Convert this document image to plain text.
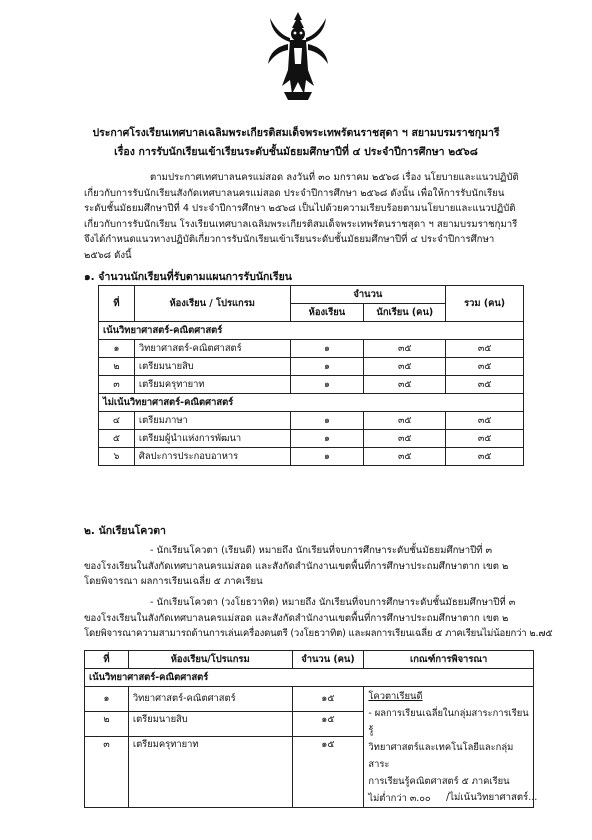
ประกาศโรงเรียนเทศบาลเฉลิมพระเกียรติสมเด็จพระเทพรัตนราชสุดา ฯ สยามบรมราชกุมารี
เรื่อง การรับนักเรียนเข้าเรียนระดับชั้นมัธยมศึกษาปีที่ ๔ ประจำปีการศึกษา ๒๕๖๘
ตามประกาศเทศบาลนครแม่สอด ลงวันที่ ๓๐ มกราคม ๒๕๖๘ เรื่อง นโยบายและแนวปฏิบัติ
เกี่ยวกับการรับนักเรียนสังกัดเทศบาลนครแม่สอด ประจำปีการศึกษา ๒๕๖๘ ดังนั้น เพื่อให้การรับนักเรียน
ระดับชั้นมัธยมศึกษาปีที่ 4 ประจำปีการศึกษา ๒๕๖๘ เป็นไปด้วยความเรียบร้อยตามนโยบายและแนวปฏิบัติ
เกี่ยวกับการรับนักเรียน โรงเรียนเทศบาลเฉลิมพระเกียรติสมเด็จพระเทพรัตนราชสุดา ฯ สยามบรมราชกุมารี
จึงได้กำหนดแนวทางปฏิบัติเกี่ยวการรับนักเรียนเข้าเรียนระดับชั้นมัธยมศึกษาปีที่ ๔ ประจำปีการศึกษา
๒๕๖๘ ดังนี้
๑. จำนวนนักเรียนที่รับตามแผนการรับนักเรียน
ที่	ห้องเรียน / โปรแกรม	จำนวน		รวม (คน)
		ห้องเรียน	นักเรียน (คน)	
เน้นวิทยาศาสตร์-คณิตศาสตร์				
๑	วิทยาศาสตร์-คณิตศาสตร์	๑	๓๕	๓๕
๒	เตรียมนายสิบ	๑	๓๕	๓๕
๓	เตรียมครุทายาท	๑	๓๕	๓๕
ไม่เน้นวิทยาศาสตร์-คณิตศาสตร์				
๔	เตรียมภาษา	๑	๓๕	๓๕
๕	เตรียมผู้นำแห่งการพัฒนา	๑	๓๕	๓๕
๖	ศิลปะการประกอบอาหาร	๑	๓๕	๓๕
๒. นักเรียนโควตา
- นักเรียนโควตา (เรียนดี) หมายถึง นักเรียนที่จบการศึกษาระดับชั้นมัธยมศึกษาปีที่ ๓
ของโรงเรียนในสังกัดเทศบาลนครแม่สอด และสังกัดสำนักงานเขตพื้นที่การศึกษาประถมศึกษาตาก เขต ๒
โดยพิจารณา ผลการเรียนเฉลี่ย ๕ ภาคเรียน
- นักเรียนโควตา (วงโยธวาทิต) หมายถึง นักเรียนที่จบการศึกษาระดับชั้นมัธยมศึกษาปีที่ ๓
ของโรงเรียนในสังกัดเทศบาลนครแม่สอด และสังกัดสำนักงานเขตพื้นที่การศึกษาประถมศึกษาตาก เขต ๒
โดยพิจารณาความสามารถด้านการเล่นเครื่องดนตรี (วงโยธวาทิต) และผลการเรียนเฉลี่ย ๕ ภาคเรียนไม่น้อยกว่า ๒.๗๕
ที่	ห้องเรียน/โปรแกรม	จำนวน (คน)	เกณฑ์การพิจารณา
เน้นวิทยาศาสตร์-คณิตศาสตร์			
๑	วิทยาศาสตร์-คณิตศาสตร์	๑๕	โควตาเรียนดี
- ผลการเรียนเฉลี่ยในกลุ่มสาระการเรียนรู้
วิทยาศาสตร์และเทคโนโลยีและกลุ่มสาระ
การเรียนรู้คณิตศาสตร์ ๕ ภาคเรียน
ไม่ต่ำกว่า ๓.๐๐

๒	เตรียมนายสิบ	๑๕	
๓	เตรียมครุทายาท	๑๕	
/ไม่เน้นวิทยาศาสตร์...
